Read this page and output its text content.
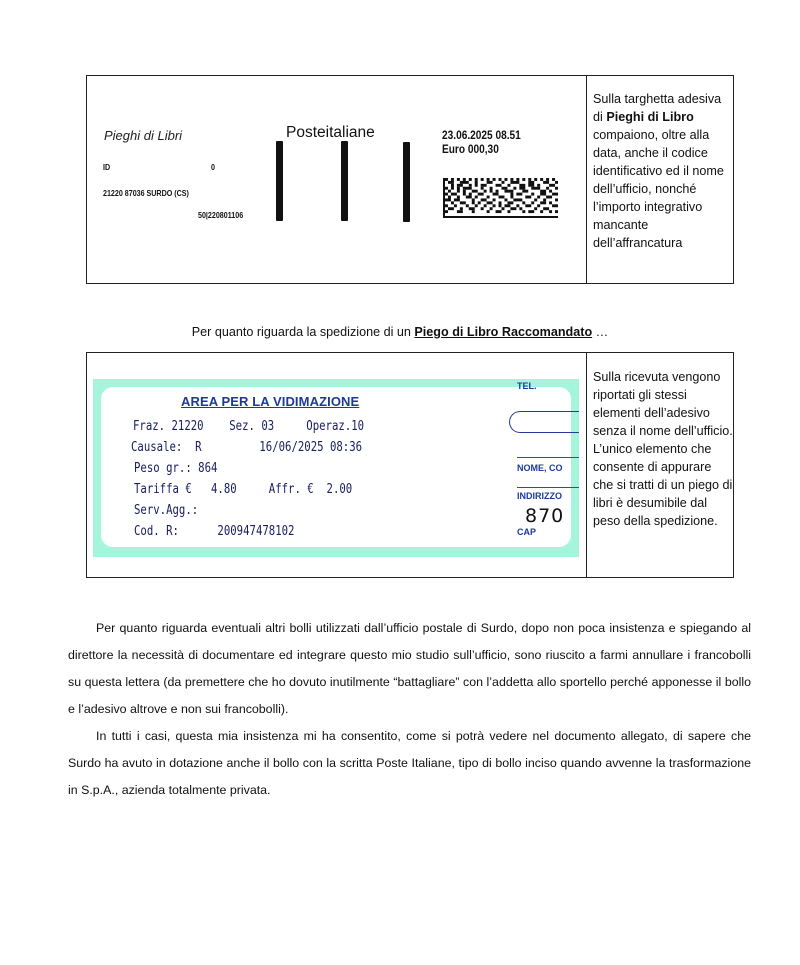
Pieghi di Libri	Posteitaliane	23.06.2025 08.51
Euro 000,30
ID	0
21220 87036 SURDO (CS)
50|220801106
Sulla targhetta adesiva di Pieghi di Libro compaiono, oltre alla data, anche il codice identificativo ed il nome dell’ufficio, nonché l’importo integrativo mancante dell’affrancatura
Per quanto riguarda la spedizione di un Piego di Libro Raccomandato …
AREA PER LA VIDIMAZIONE
Fraz. 21220    Sez. 03     Operaz.10
Causale:  R         16/06/2025 08:36
Peso gr.: 864
Tariffa €   4.80     Affr. €  2.00
Serv.Agg.:
Cod. R:      200947478102
TEL.
NOME, CO
INDIRIZZO
870
CAP
Sulla ricevuta vengono riportati gli stessi elementi dell’adesivo senza il nome dell’ufficio. L’unico elemento che consente di appurare che si tratti di un piego di libri è desumibile dal peso della spedizione.
Per quanto riguarda eventuali altri bolli utilizzati dall’ufficio postale di Surdo, dopo non poca insistenza e spiegando al direttore la necessità di documentare ed integrare questo mio studio sull’ufficio, sono riuscito a farmi annullare i francobolli su questa lettera (da premettere che ho dovuto inutilmente “battagliare” con l’addetta allo sportello perché apponesse il bollo e l’adesivo altrove e non sui francobolli).
In tutti i casi, questa mia insistenza mi ha consentito, come si potrà vedere nel documento allegato, di sapere che Surdo ha avuto in dotazione anche il bollo con la scritta Poste Italiane, tipo di bollo inciso quando avvenne la trasformazione in S.p.A., azienda totalmente privata.
